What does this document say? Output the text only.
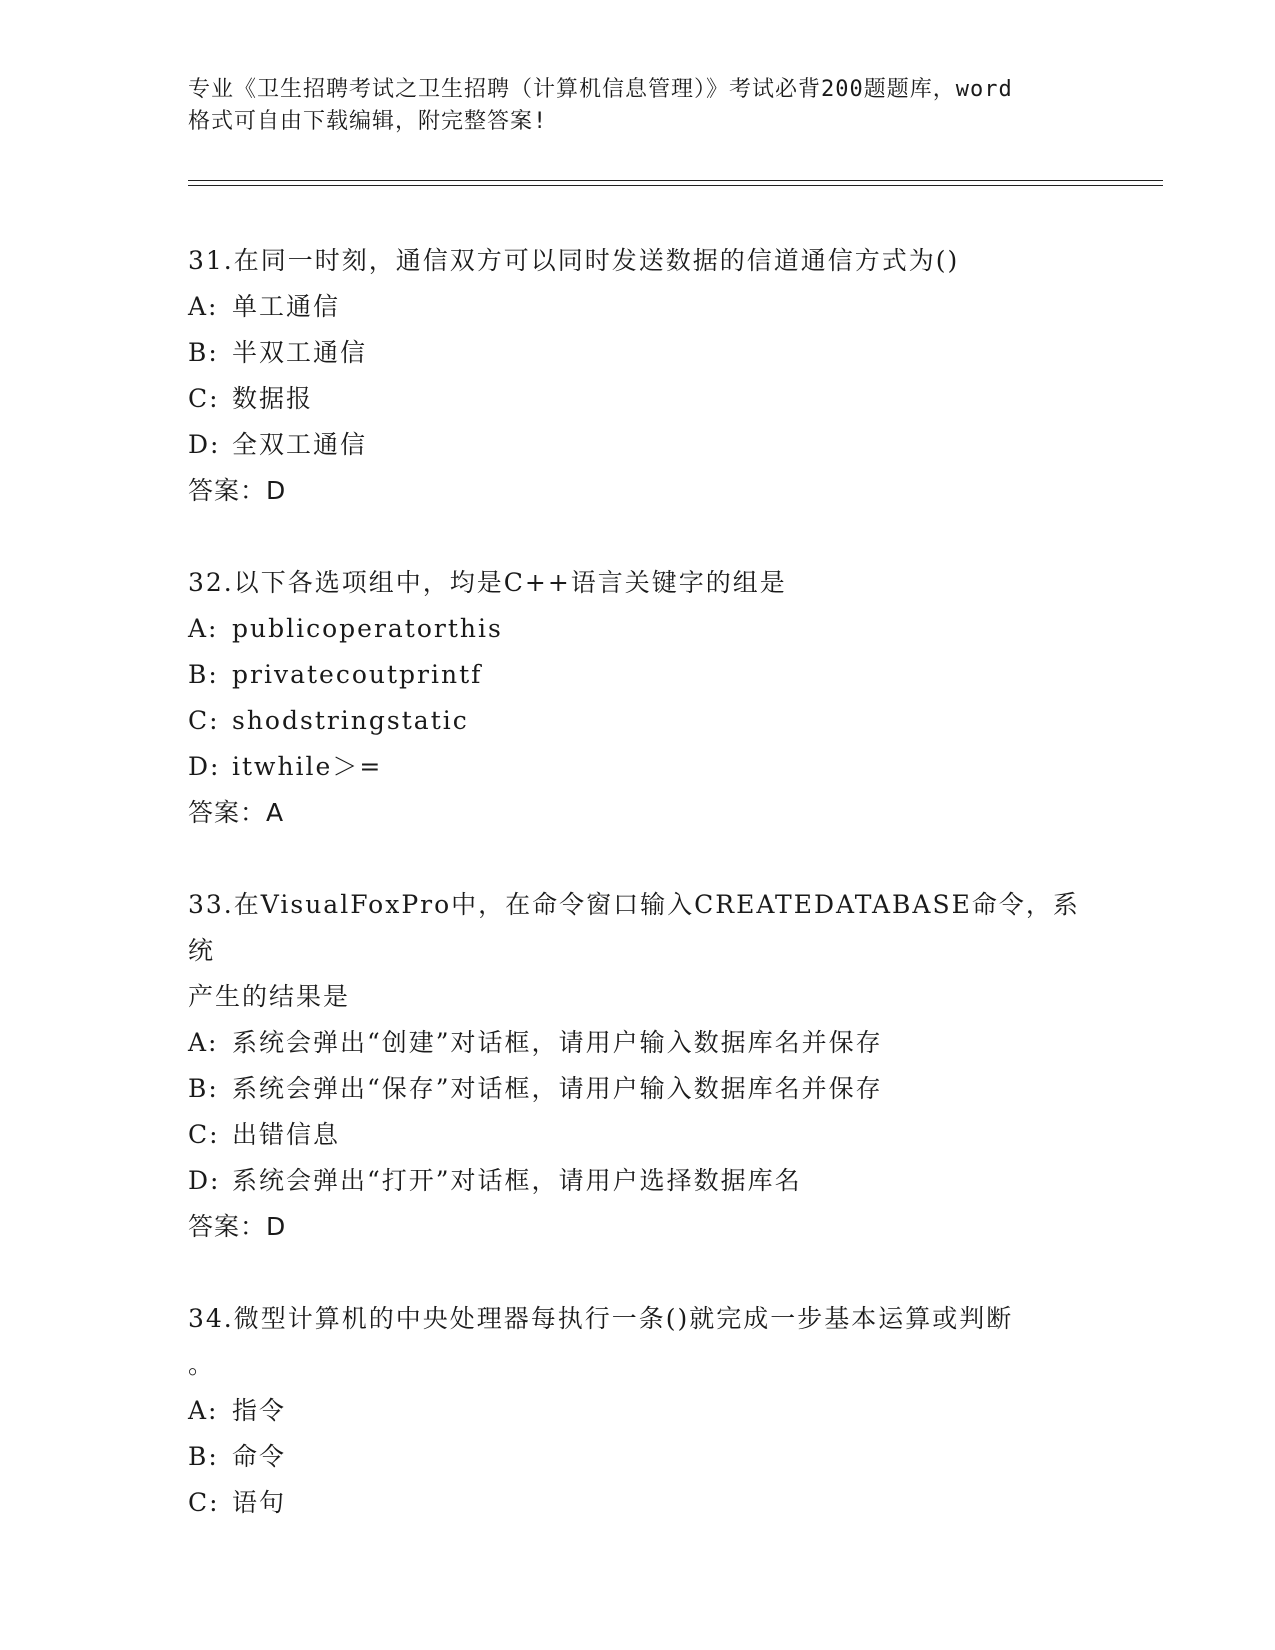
专业《卫生招聘考试之卫生招聘（计算机信息管理）》考试必背200题题库，word
格式可自由下载编辑，附完整答案!
31.在同一时刻，通信双方可以同时发送数据的信道通信方式为()
A: 单工通信
B: 半双工通信
C: 数据报
D: 全双工通信
答案：D
32.以下各选项组中，均是C++语言关键字的组是
A: publicoperatorthis
B: privatecoutprintf
C: shodstringstatic
D: itwhile＞=
答案：A
33.在VisualFoxPro中，在命令窗口输入CREATEDATABASE命令，系统
产生的结果是
A: 系统会弹出“创建”对话框，请用户输入数据库名并保存
B: 系统会弹出“保存”对话框，请用户输入数据库名并保存
C: 出错信息
D: 系统会弹出“打开”对话框，请用户选择数据库名
答案：D
34.微型计算机的中央处理器每执行一条()就完成一步基本运算或判断
。
A: 指令
B: 命令
C: 语句
